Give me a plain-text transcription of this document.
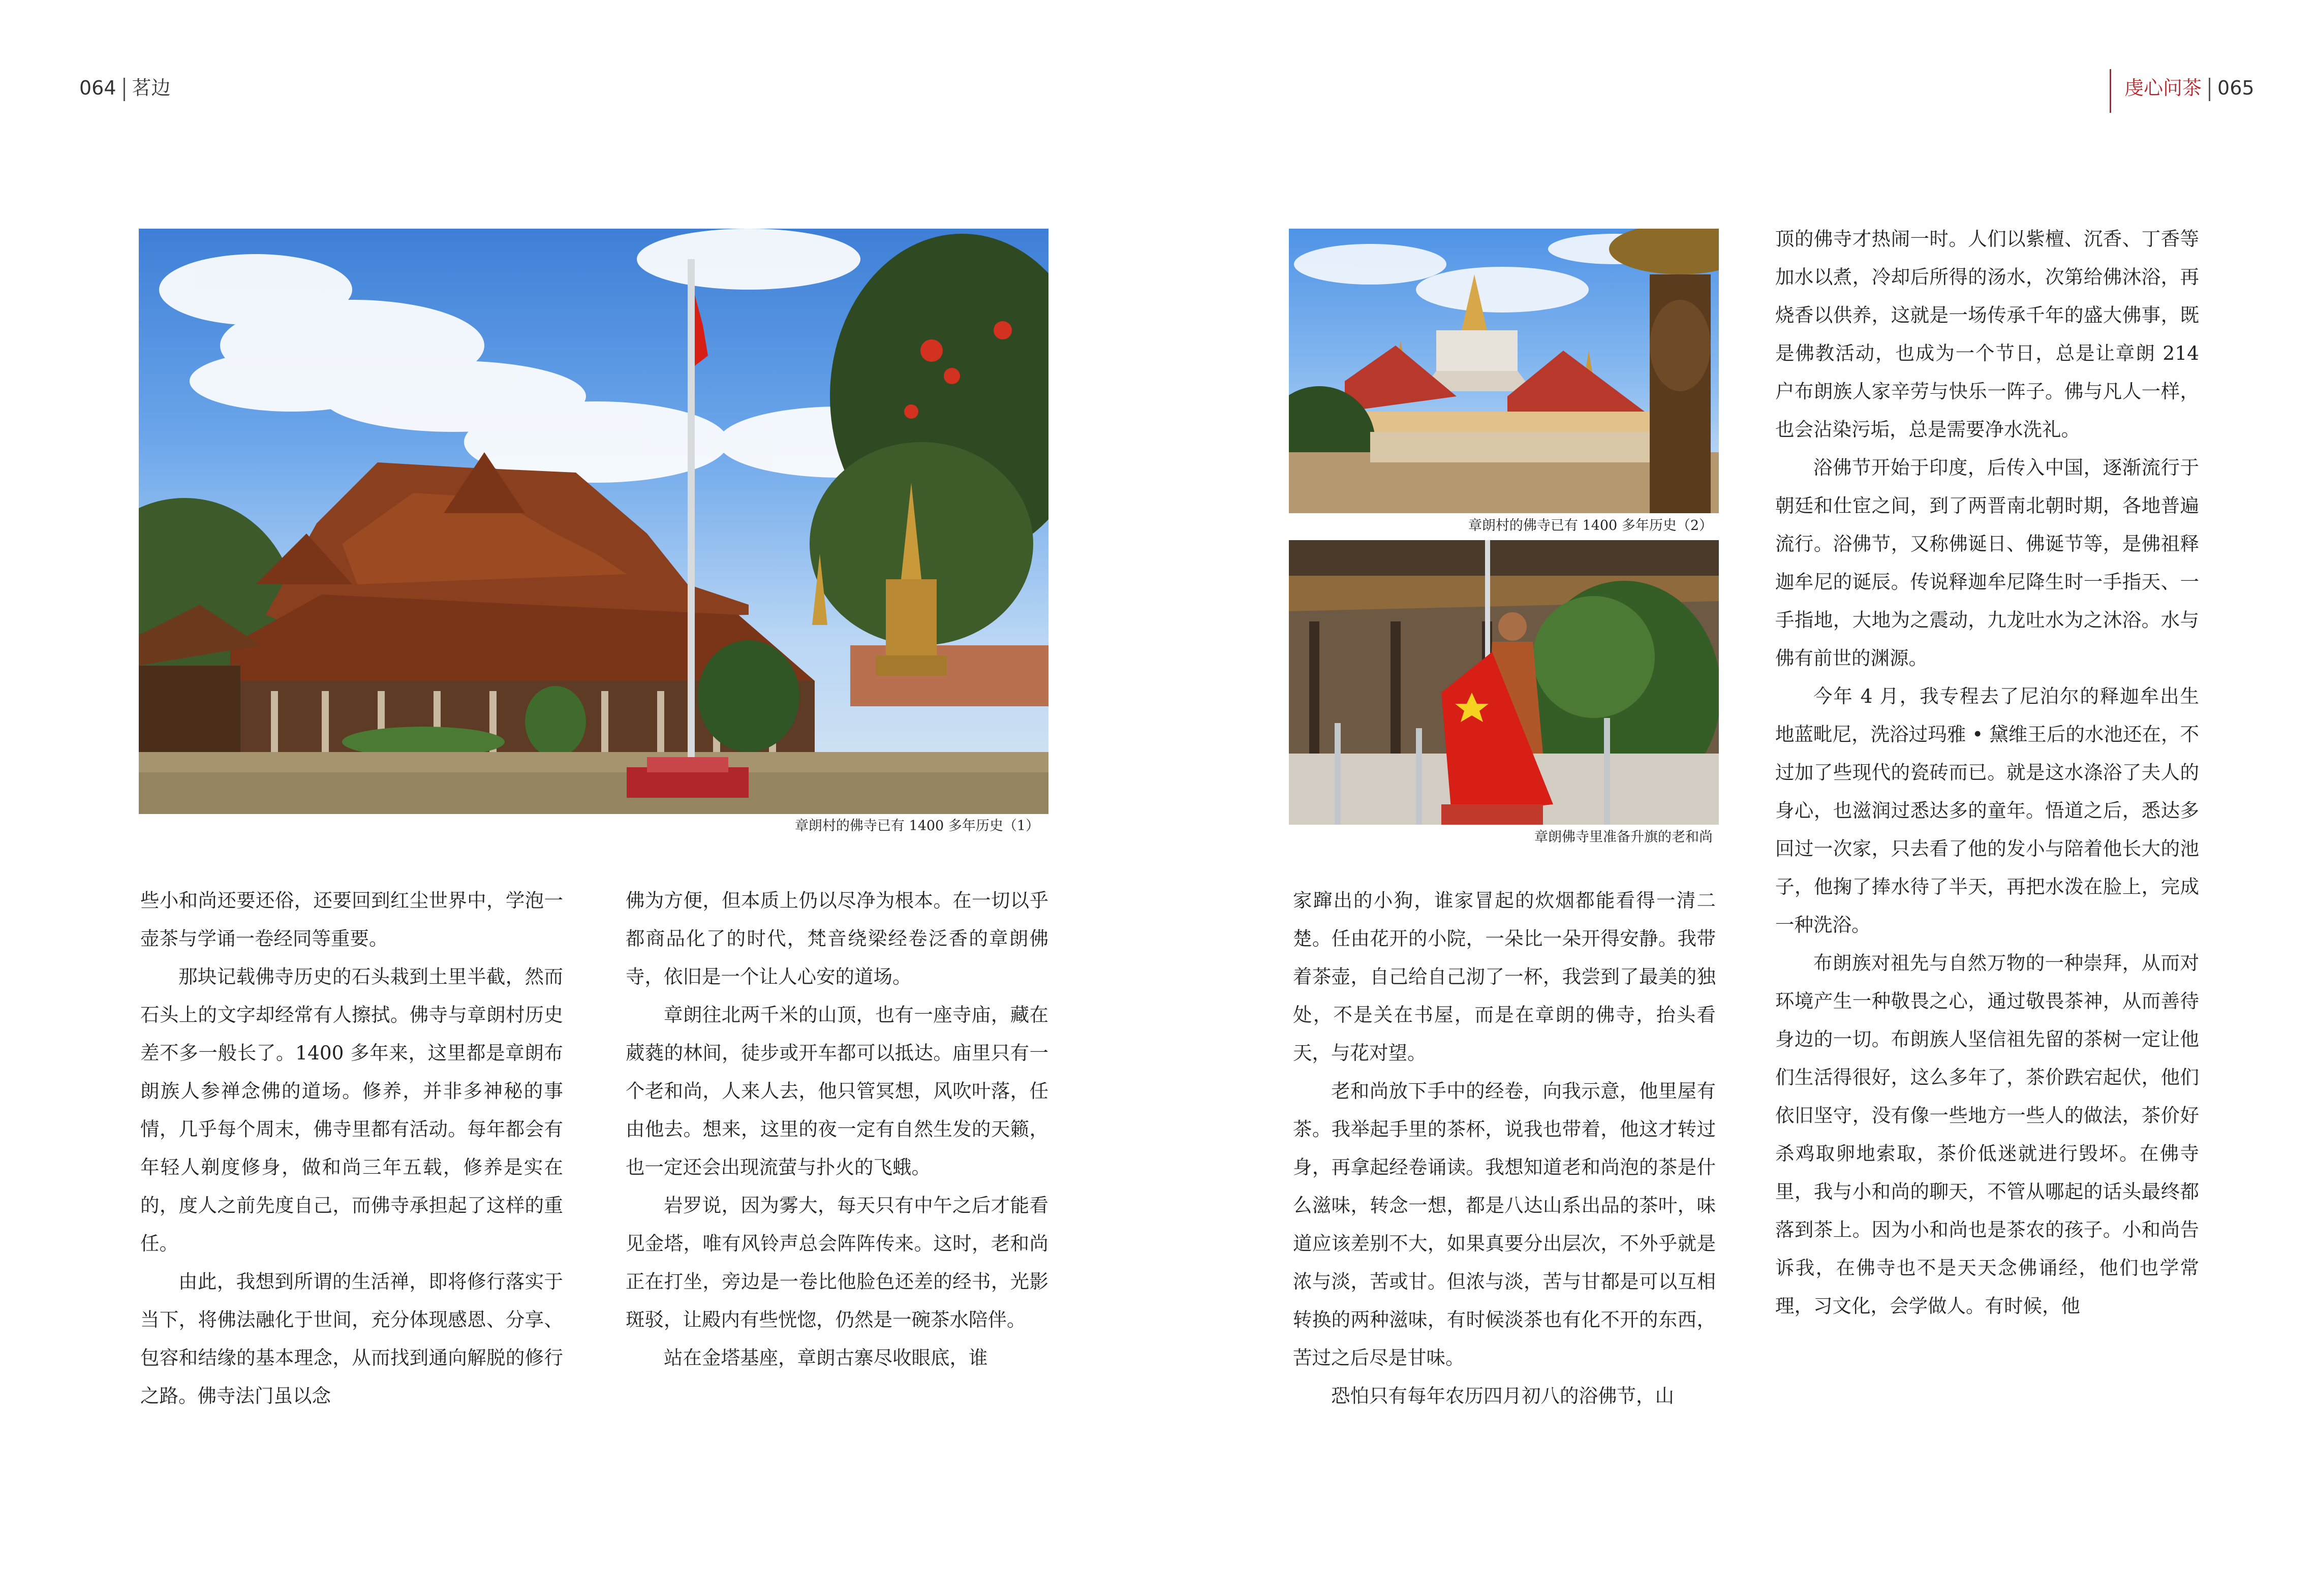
064 茗边	虔心问茶 065
章朗村的佛寺已有 1400 多年历史（1）
章朗村的佛寺已有 1400 多年历史（2）
章朗佛寺里准备升旗的老和尚

些小和尚还要还俗，还要回到红尘世界中，学泡一壶茶与学诵一卷经同等重要。

那块记载佛寺历史的石头栽到土里半截，然而石头上的文字却经常有人擦拭。佛寺与章朗村历史差不多一般长了。1400 多年来，这里都是章朗布朗族人参禅念佛的道场。修养，并非多神秘的事情，几乎每个周末，佛寺里都有活动。每年都会有年轻人剃度修身，做和尚三年五载，修养是实在的，度人之前先度自己，而佛寺承担起了这样的重任。

由此，我想到所谓的生活禅，即将修行落实于当下，将佛法融化于世间，充分体现感恩、分享、包容和结缘的基本理念，从而找到通向解脱的修行之路。佛寺法门虽以念

佛为方便，但本质上仍以尽净为根本。在一切以乎都商品化了的时代，梵音绕梁经卷泛香的章朗佛寺，依旧是一个让人心安的道场。

章朗往北两千米的山顶，也有一座寺庙，藏在葳蕤的林间，徒步或开车都可以抵达。庙里只有一个老和尚，人来人去，他只管冥想，风吹叶落，任由他去。想来，这里的夜一定有自然生发的天籁，也一定还会出现流萤与扑火的飞蛾。

岩罗说，因为雾大，每天只有中午之后才能看见金塔，唯有风铃声总会阵阵传来。这时，老和尚正在打坐，旁边是一卷比他脸色还差的经书，光影斑驳，让殿内有些恍惚，仍然是一碗茶水陪伴。

站在金塔基座，章朗古寨尽收眼底，谁

家蹿出的小狗，谁家冒起的炊烟都能看得一清二楚。任由花开的小院，一朵比一朵开得安静。我带着茶壶，自己给自己沏了一杯，我尝到了最美的独处，不是关在书屋，而是在章朗的佛寺，抬头看天，与花对望。

老和尚放下手中的经卷，向我示意，他里屋有茶。我举起手里的茶杯，说我也带着，他这才转过身，再拿起经卷诵读。我想知道老和尚泡的茶是什么滋味，转念一想，都是八达山系出品的茶叶，味道应该差别不大，如果真要分出层次，不外乎就是浓与淡，苦或甘。但浓与淡，苦与甘都是可以互相转换的两种滋味，有时候淡茶也有化不开的东西，苦过之后尽是甘味。

恐怕只有每年农历四月初八的浴佛节，山

顶的佛寺才热闹一时。人们以紫檀、沉香、丁香等加水以煮，冷却后所得的汤水，次第给佛沐浴，再烧香以供养，这就是一场传承千年的盛大佛事，既是佛教活动，也成为一个节日，总是让章朗 214 户布朗族人家辛劳与快乐一阵子。佛与凡人一样，也会沾染污垢，总是需要净水洗礼。

浴佛节开始于印度，后传入中国，逐渐流行于朝廷和仕宦之间，到了两晋南北朝时期，各地普遍流行。浴佛节，又称佛诞日、佛诞节等，是佛祖释迦牟尼的诞辰。传说释迦牟尼降生时一手指天、一手指地，大地为之震动，九龙吐水为之沐浴。水与佛有前世的渊源。

今年 4 月，我专程去了尼泊尔的释迦牟出生地蓝毗尼，洗浴过玛雅 • 黛维王后的水池还在，不过加了些现代的瓷砖而已。就是这水涤浴了夫人的身心，也滋润过悉达多的童年。悟道之后，悉达多回过一次家，只去看了他的发小与陪着他长大的池子，他掬了捧水待了半天，再把水泼在脸上，完成一种洗浴。

布朗族对祖先与自然万物的一种崇拜，从而对环境产生一种敬畏之心，通过敬畏茶神，从而善待身边的一切。布朗族人坚信祖先留的茶树一定让他们生活得很好，这么多年了，茶价跌宕起伏，他们依旧坚守，没有像一些地方一些人的做法，茶价好杀鸡取卵地索取，茶价低迷就进行毁坏。在佛寺里，我与小和尚的聊天，不管从哪起的话头最终都落到茶上。因为小和尚也是茶农的孩子。小和尚告诉我，在佛寺也不是天天念佛诵经，他们也学常理，习文化，会学做人。有时候，他
